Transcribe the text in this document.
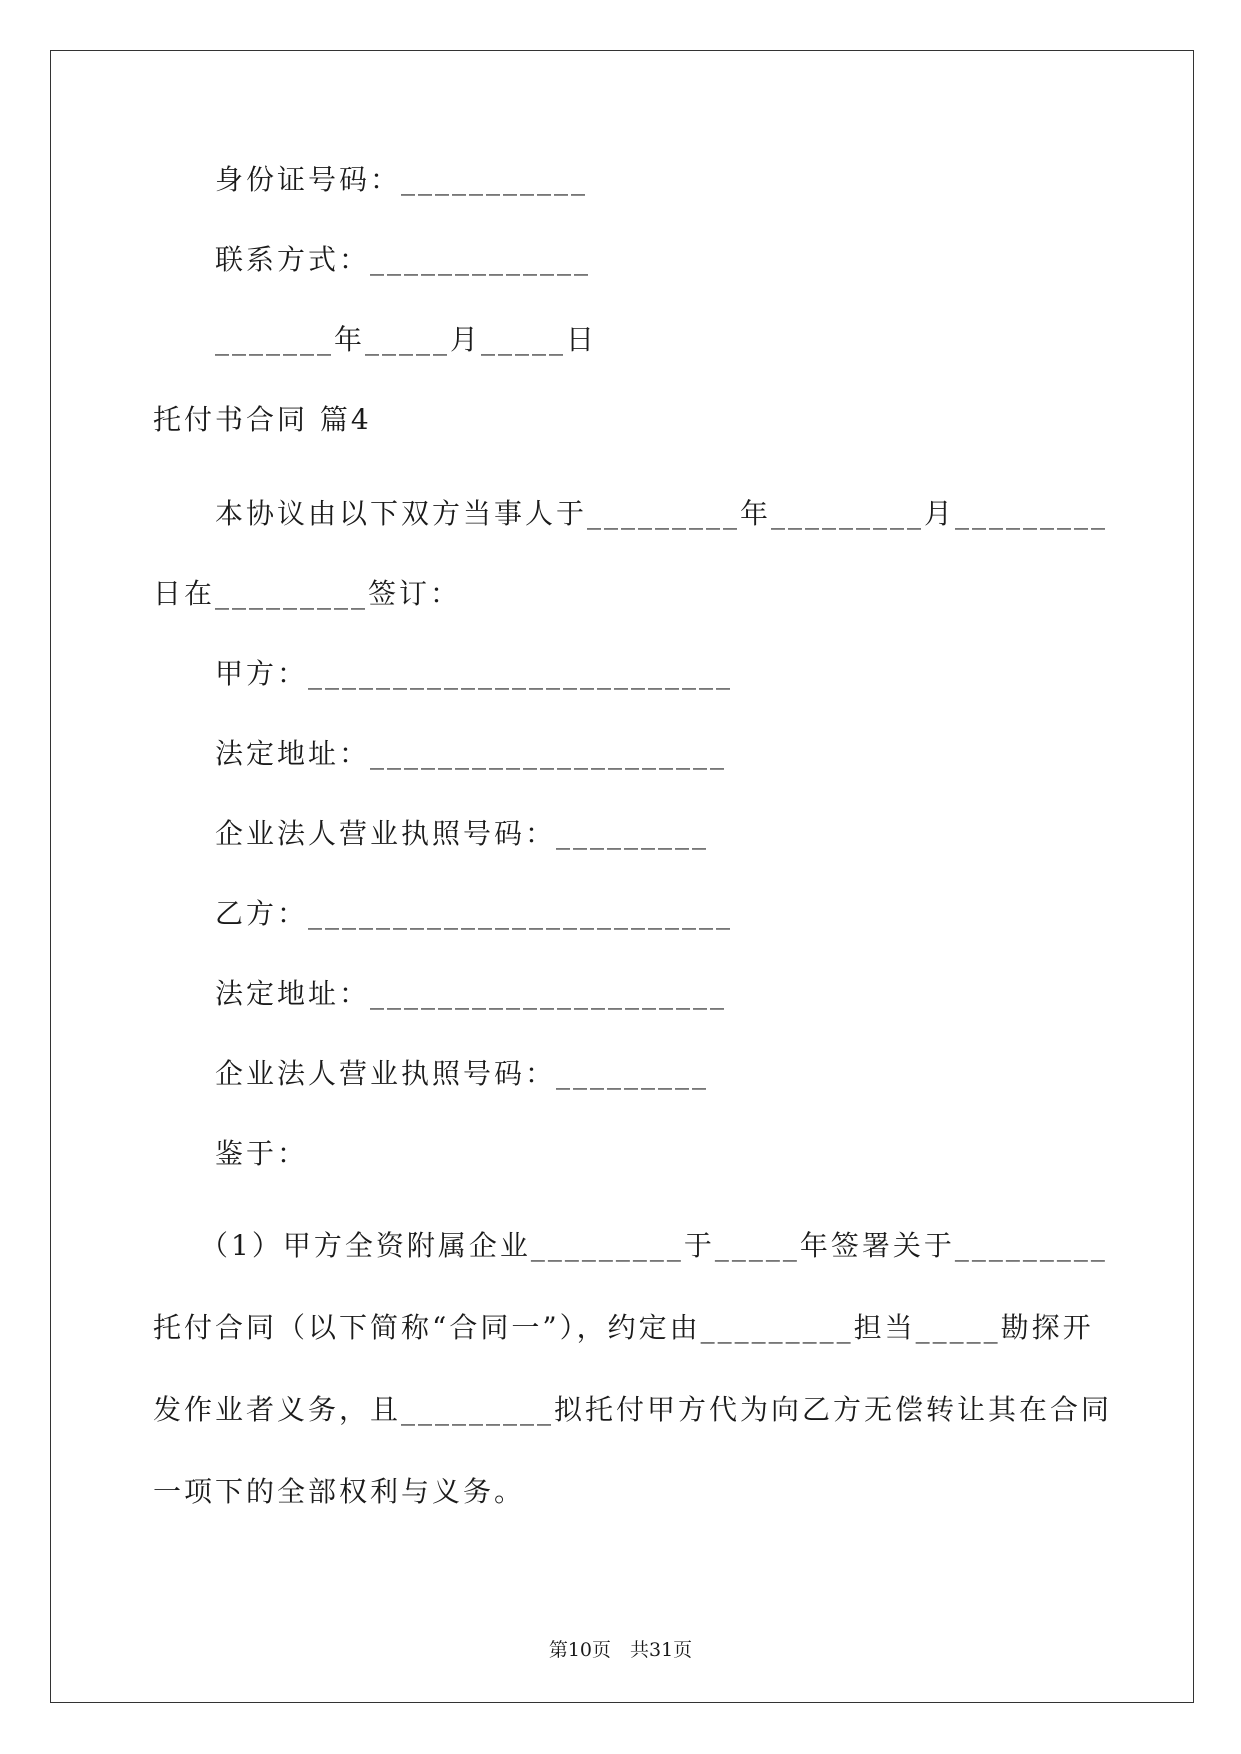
身份证号码：___________
联系方式：_____________
_______年_____月_____日
托付书合同 篇4
本协议由以下双方当事人于_________年_________月_________
日在_________签订：
甲方：_________________________
法定地址：_____________________
企业法人营业执照号码：_________
乙方：_________________________
法定地址：_____________________
企业法人营业执照号码：_________
鉴于：
（1）甲方全资附属企业_________于_____年签署关于_________
托付合同（以下简称“合同一”），约定由_________担当_____勘探开
发作业者义务，且_________拟托付甲方代为向乙方无偿转让其在合同
一项下的全部权利与义务。
第10页　共31页
